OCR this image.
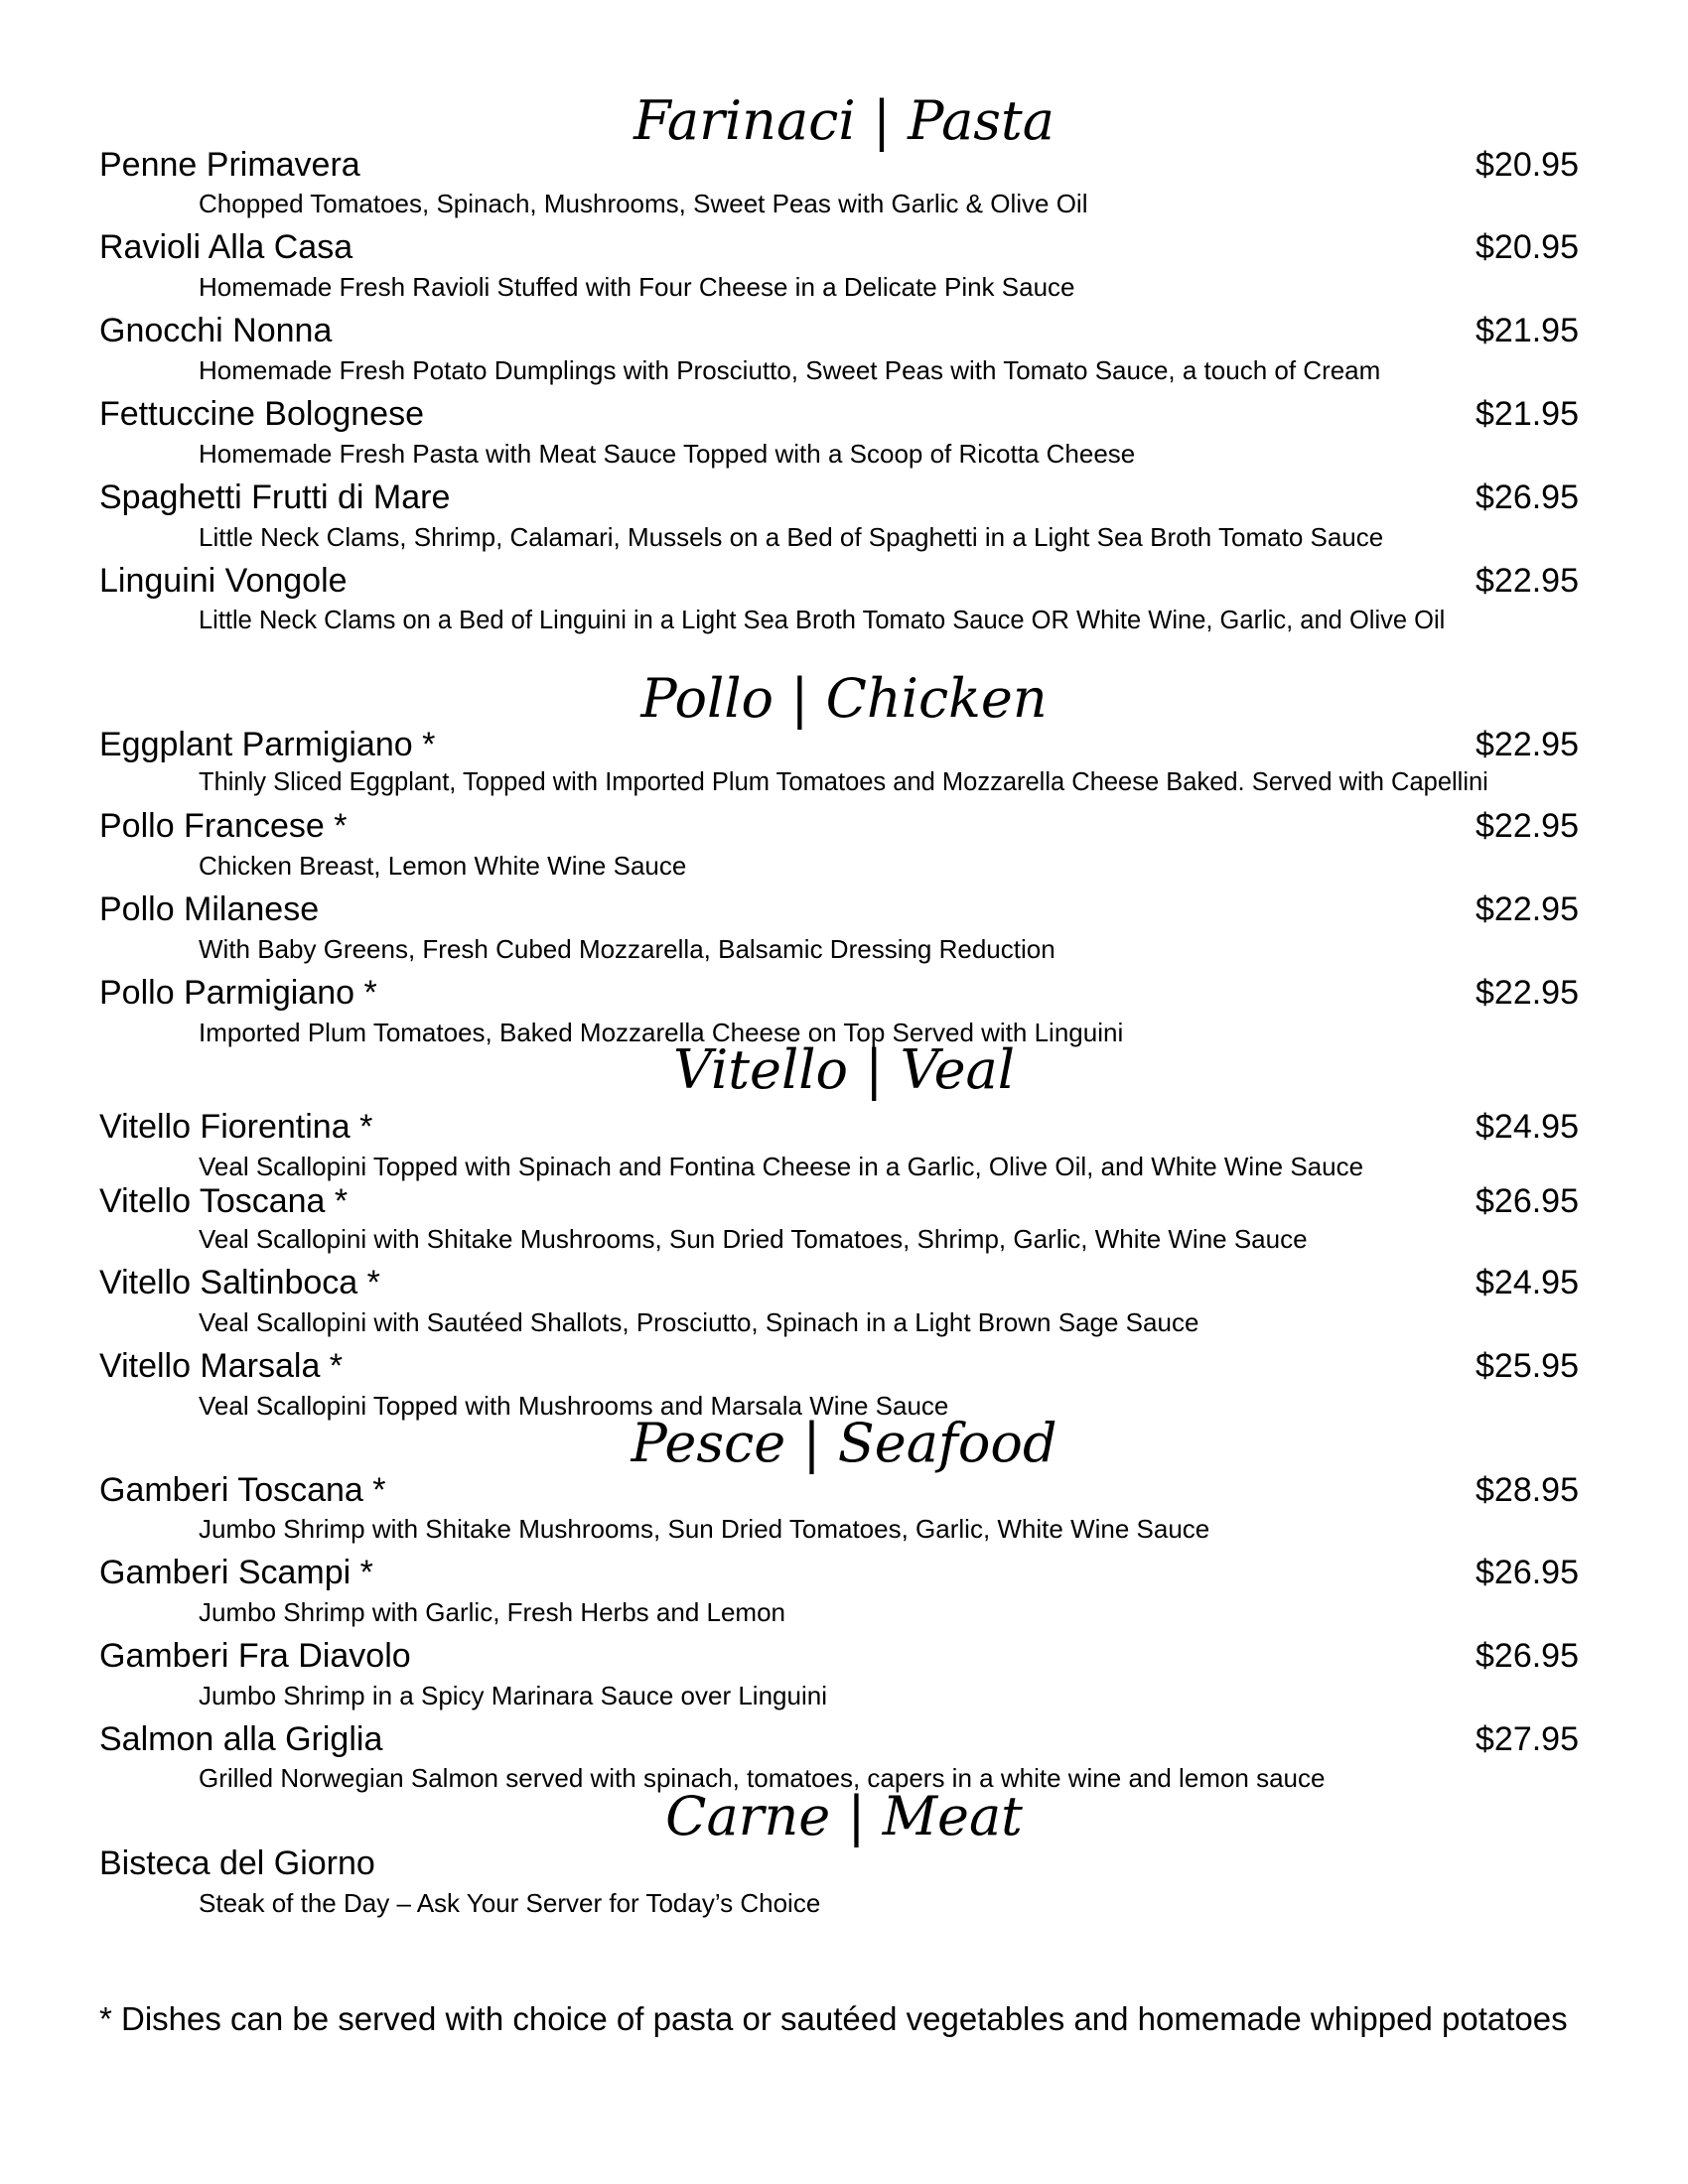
Farinaci | Pasta
Penne Primavera	$20.95
Chopped Tomatoes, Spinach, Mushrooms, Sweet Peas with Garlic & Olive Oil
Ravioli Alla Casa	$20.95
Homemade Fresh Ravioli Stuffed with Four Cheese in a Delicate Pink Sauce
Gnocchi Nonna	$21.95
Homemade Fresh Potato Dumplings with Prosciutto, Sweet Peas with Tomato Sauce, a touch of Cream
Fettuccine Bolognese	$21.95
Homemade Fresh Pasta with Meat Sauce Topped with a Scoop of Ricotta Cheese
Spaghetti Frutti di Mare	$26.95
Little Neck Clams, Shrimp, Calamari, Mussels on a Bed of Spaghetti in a Light Sea Broth Tomato Sauce
Linguini Vongole	$22.95
Little Neck Clams on a Bed of Linguini in a Light Sea Broth Tomato Sauce OR White Wine, Garlic, and Olive Oil
Pollo | Chicken
Eggplant Parmigiano *	$22.95
Thinly Sliced Eggplant, Topped with Imported Plum Tomatoes and Mozzarella Cheese Baked. Served with Capellini
Pollo Francese *	$22.95
Chicken Breast, Lemon White Wine Sauce
Pollo Milanese	$22.95
With Baby Greens, Fresh Cubed Mozzarella, Balsamic Dressing Reduction
Pollo Parmigiano *	$22.95
Imported Plum Tomatoes, Baked Mozzarella Cheese on Top Served with Linguini
Vitello | Veal
Vitello Fiorentina *	$24.95
Veal Scallopini Topped with Spinach and Fontina Cheese in a Garlic, Olive Oil, and White Wine Sauce
Vitello Toscana *	$26.95
Veal Scallopini with Shitake Mushrooms, Sun Dried Tomatoes, Shrimp, Garlic, White Wine Sauce
Vitello Saltinboca *	$24.95
Veal Scallopini with Sautéed Shallots, Prosciutto, Spinach in a Light Brown Sage Sauce
Vitello Marsala *	$25.95
Veal Scallopini Topped with Mushrooms and Marsala Wine Sauce
Pesce | Seafood
Gamberi Toscana *	$28.95
Jumbo Shrimp with Shitake Mushrooms, Sun Dried Tomatoes, Garlic, White Wine Sauce
Gamberi Scampi *	$26.95
Jumbo Shrimp with Garlic, Fresh Herbs and Lemon
Gamberi Fra Diavolo	$26.95
Jumbo Shrimp in a Spicy Marinara Sauce over Linguini
Salmon alla Griglia	$27.95
Grilled Norwegian Salmon served with spinach, tomatoes, capers in a white wine and lemon sauce
Carne | Meat
Bisteca del Giorno
Steak of the Day – Ask Your Server for Today’s Choice
* Dishes can be served with choice of pasta or sautéed vegetables and homemade whipped potatoes
